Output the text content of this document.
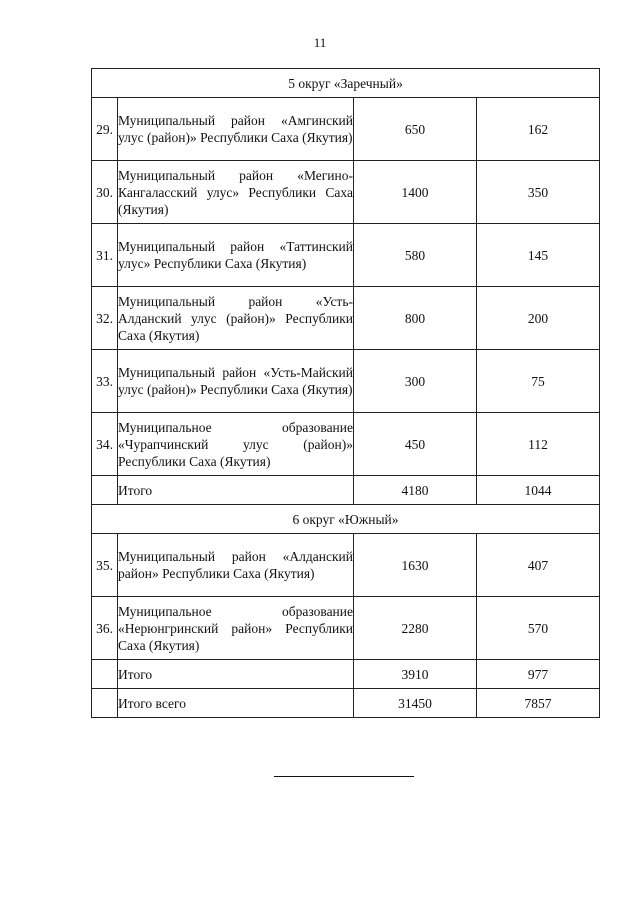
11
5 округ «Заречный»			
29.	Муниципальный район «Амгинский улус (район)» Республики Саха (Якутия)	650	162
30.	Муниципальный район «Мегино-Кангаласский улус» Республики Саха (Якутия)	1400	350
31.	Муниципальный район «Таттинский улус» Республики Саха (Якутия)	580	145
32.	Муниципальный район «Усть-Алданский улус (район)» Республики Саха (Якутия)	800	200
33.	Муниципальный район «Усть-Майский улус (район)» Республики Саха (Якутия)	300	75
34.	Муниципальное образование «Чурапчинский улус (район)» Республики Саха (Якутия)	450	112
	Итого	4180	1044
6 округ «Южный»			
35.	Муниципальный район «Алданский район» Республики Саха (Якутия)	1630	407
36.	Муниципальное образование «Нерюнгринский район» Республики Саха (Якутия)	2280	570
	Итого	3910	977
	Итого всего	31450	7857
